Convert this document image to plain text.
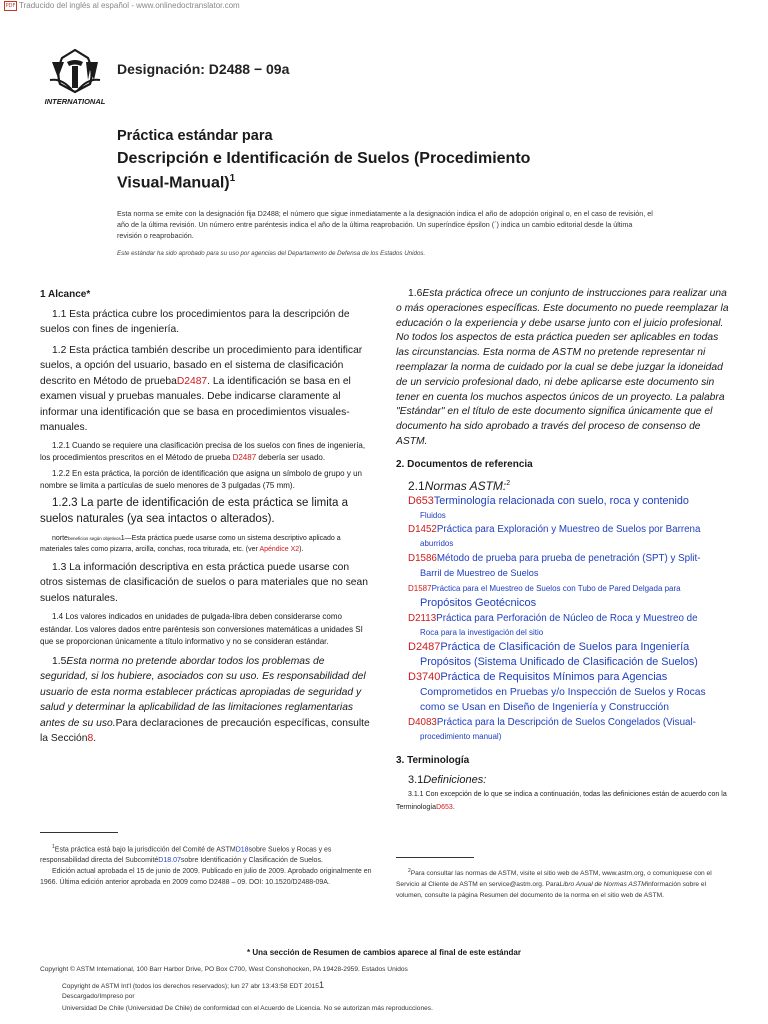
PDF Traducido del inglés al español - www.onlinedoctranslator.com
INTERNATIONAL
Designación: D2488 − 09a
Práctica estándar para
Descripción e Identificación de Suelos (Procedimiento Visual-Manual)$^1$
Esta norma se emite con la designación fija D2488; el número que sigue inmediatamente a la designación indica el año de adopción original o, en el caso de revisión, el año de la última revisión. Un número entre paréntesis indica el año de la última reaprobación. Un superíndice épsilon (´) indica un cambio editorial desde la última revisión o reaprobación.
Este estándar ha sido aprobado para su uso por agencias del Departamento de Defensa de los Estados Unidos.
1 Alcance*
1.1 Esta práctica cubre los procedimientos para la descripción de suelos con fines de ingeniería.
1.2 Esta práctica también describe un procedimiento para identificar suelos, a opción del usuario, basado en el sistema de clasificación descrito en Método de pruebaD2487. La identificación se basa en el examen visual y pruebas manuales. Debe indicarse claramente al informar una identificación que se basa en procedimientos visuales-manuales.
1.2.1 Cuando se requiere una clasificación precisa de los suelos con fines de ingeniería, los procedimientos prescritos en el Método de prueba D2487 debería ser usado.
1.2.2 En esta práctica, la porción de identificación que asigna un símbolo de grupo y un nombre se limita a partículas de suelo menores de 3 pulgadas (75 mm).
1.2.3 La parte de identificación de esta práctica se limita a suelos naturales (ya sea intactos o alterados).
nortebeneficios según objetivos1—Esta práctica puede usarse como un sistema descriptivo aplicado a materiales tales como pizarra, arcilla, conchas, roca triturada, etc. (ver Apéndice X2).
1.3 La información descriptiva en esta práctica puede usarse con otros sistemas de clasificación de suelos o para materiales que no sean suelos naturales.
1.4 Los valores indicados en unidades de pulgada-libra deben considerarse como estándar. Los valores dados entre paréntesis son conversiones matemáticas a unidades SI que se proporcionan únicamente a título informativo y no se consideran estándar.
1.5Esta norma no pretende abordar todos los problemas de seguridad, si los hubiere, asociados con su uso. Es responsabilidad del usuario de esta norma establecer prácticas apropiadas de seguridad y salud y determinar la aplicabilidad de las limitaciones reglamentarias antes de su uso.Para declaraciones de precaución específicas, consulte la Sección8.
$^1$Esta práctica está bajo la jurisdicción del Comité de ASTMD18sobre Suelos y Rocas y es responsabilidad directa del SubcomitéD18.07sobre Identificación y Clasificación de Suelos.
Edición actual aprobada el 15 de junio de 2009. Publicado en julio de 2009. Aprobado originalmente en 1966. Última edición anterior aprobada en 2009 como D2488 – 09. DOI: 10.1520/D2488-09A.
1.6Esta práctica ofrece un conjunto de instrucciones para realizar una o más operaciones específicas. Este documento no puede reemplazar la educación o la experiencia y debe usarse junto con el juicio profesional. No todos los aspectos de esta práctica pueden ser aplicables en todas las circunstancias. Esta norma de ASTM no pretende representar ni reemplazar la norma de cuidado por la cual se debe juzgar la idoneidad de un servicio profesional dado, ni debe aplicarse este documento sin tener en cuenta los muchos aspectos únicos de un proyecto. La palabra "Estándar" en el título de este documento significa únicamente que el documento ha sido aprobado a través del proceso de consenso de ASTM.
2. Documentos de referencia
2.1Normas ASTM:$^2$
D653Terminología relacionada con suelo, roca y contenido
Fluidos
D1452Práctica para Exploración y Muestreo de Suelos por Barrena
aburridos
D1586Método de prueba para prueba de penetración (SPT) y Split-
Barril de Muestreo de Suelos
D1587Práctica para el Muestreo de Suelos con Tubo de Pared Delgada para
Propósitos Geotécnicos
D2113Práctica para Perforación de Núcleo de Roca y Muestreo de
Roca para la investigación del sitio
D2487Práctica de Clasificación de Suelos para Ingeniería
Propósitos (Sistema Unificado de Clasificación de Suelos)
D3740Práctica de Requisitos Mínimos para Agencias
Comprometidos en Pruebas y/o Inspección de Suelos y Rocas
como se Usan en Diseño de Ingeniería y Construcción
D4083Práctica para la Descripción de Suelos Congelados (Visual-
procedimiento manual)
3. Terminología
3.1Definiciones:
3.1.1 Con excepción de lo que se indica a continuación, todas las definiciones están de acuerdo con la TerminologíaD653.
$^2$Para consultar las normas de ASTM, visite el sitio web de ASTM, www.astm.org, o comuníquese con el Servicio al Cliente de ASTM en service@astm.org. ParaLibro Anual de Normas ASTMinformación sobre el volumen, consulte la página Resumen del documento de la norma en el sitio web de ASTM.
* Una sección de Resumen de cambios aparece al final de este estándar
Copyright © ASTM International, 100 Barr Harbor Drive, PO Box C700, West Conshohocken, PA 19428-2959. Estados Unidos
Copyright de ASTM Int'l (todos los derechos reservados); lun 27 abr 13:43:58 EDT 20151
Descargado/Impreso por
Universidad De Chile (Universidad De Chile) de conformidad con el Acuerdo de Licencia. No se autorizan más reproducciones.
